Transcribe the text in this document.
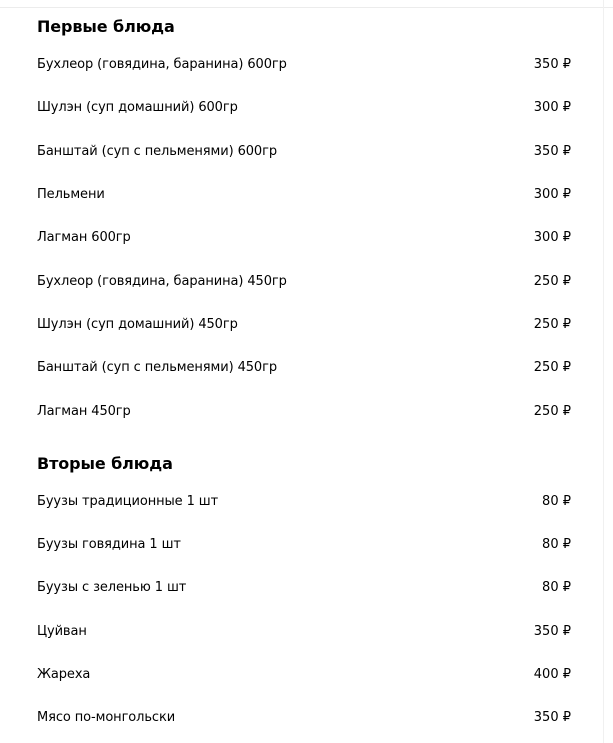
Первые блюда
Бухлеор (говядина, баранина) 600гр	350 ₽
Шулэн (суп домашний) 600гр	300 ₽
Банштай (суп с пельменями) 600гр	350 ₽
Пельмени	300 ₽
Лагман 600гр	300 ₽
Бухлеор (говядина, баранина) 450гр	250 ₽
Шулэн (суп домашний) 450гр	250 ₽
Банштай (суп с пельменями) 450гр	250 ₽
Лагман 450гр	250 ₽
Вторые блюда
Буузы традиционные 1 шт	80 ₽
Буузы говядина 1 шт	80 ₽
Буузы с зеленью 1 шт	80 ₽
Цуйван	350 ₽
Жареха	400 ₽
Мясо по-монгольски	350 ₽
